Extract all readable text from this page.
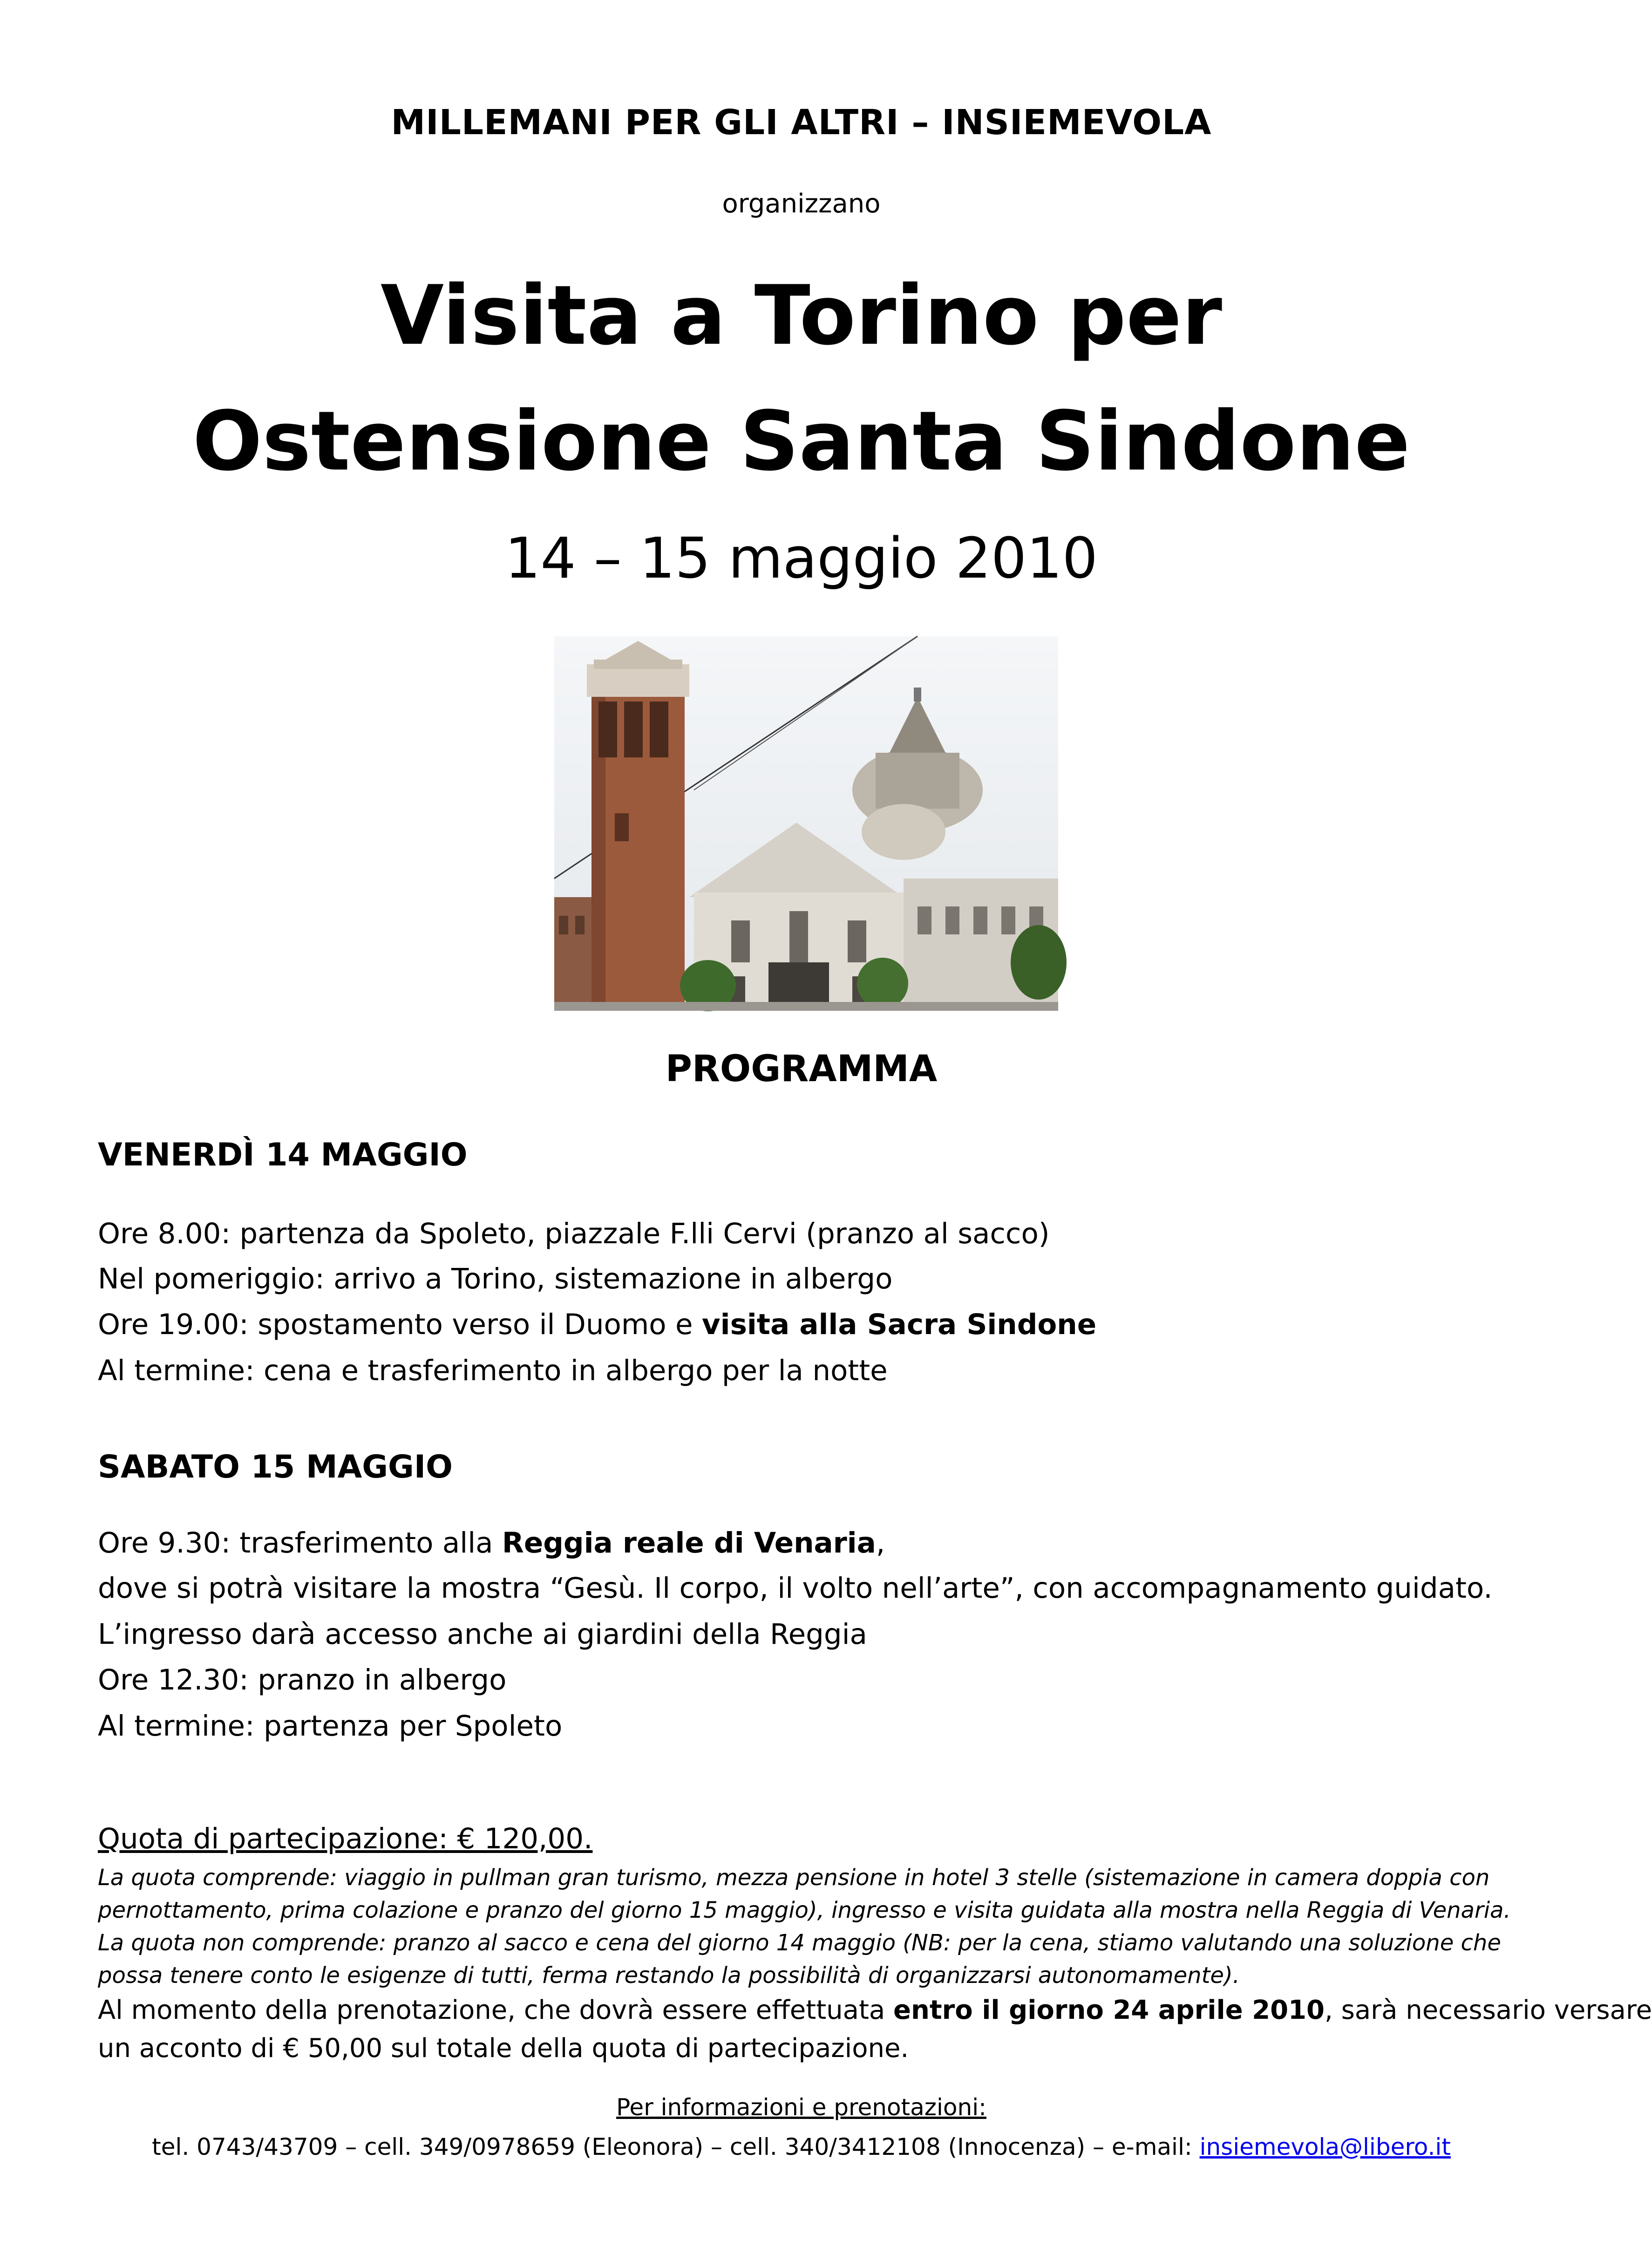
MILLEMANI PER GLI ALTRI – INSIEMEVOLA
organizzano
Visita a Torino per
Ostensione Santa Sindone
14 – 15 maggio 2010
PROGRAMMA
VENERDÌ 14 MAGGIO
Ore 8.00: partenza da Spoleto, piazzale F.lli Cervi (pranzo al sacco)
Nel pomeriggio: arrivo a Torino, sistemazione in albergo
Ore 19.00: spostamento verso il Duomo e visita alla Sacra Sindone
Al termine: cena e trasferimento in albergo per la notte
SABATO 15 MAGGIO
Ore 9.30: trasferimento alla Reggia reale di Venaria,
dove si potrà visitare la mostra “Gesù. Il corpo, il volto nell’arte”, con accompagnamento guidato.
L’ingresso darà accesso anche ai giardini della Reggia
Ore 12.30: pranzo in albergo
Al termine: partenza per Spoleto
Quota di partecipazione: € 120,00.
La quota comprende: viaggio in pullman gran turismo, mezza pensione in hotel 3 stelle (sistemazione in camera doppia con
pernottamento, prima colazione e pranzo del giorno 15 maggio), ingresso e visita guidata alla mostra nella Reggia di Venaria.
La quota non comprende: pranzo al sacco e cena del giorno 14 maggio (NB: per la cena, stiamo valutando una soluzione che
possa tenere conto le esigenze di tutti, ferma restando la possibilità di organizzarsi autonomamente).
Al momento della prenotazione, che dovrà essere effettuata entro il giorno 24 aprile 2010, sarà necessario versare
un acconto di € 50,00 sul totale della quota di partecipazione.
Per informazioni e prenotazioni:
tel. 0743/43709 – cell. 349/0978659 (Eleonora) – cell. 340/3412108 (Innocenza) – e-mail: insiemevola@libero.it
